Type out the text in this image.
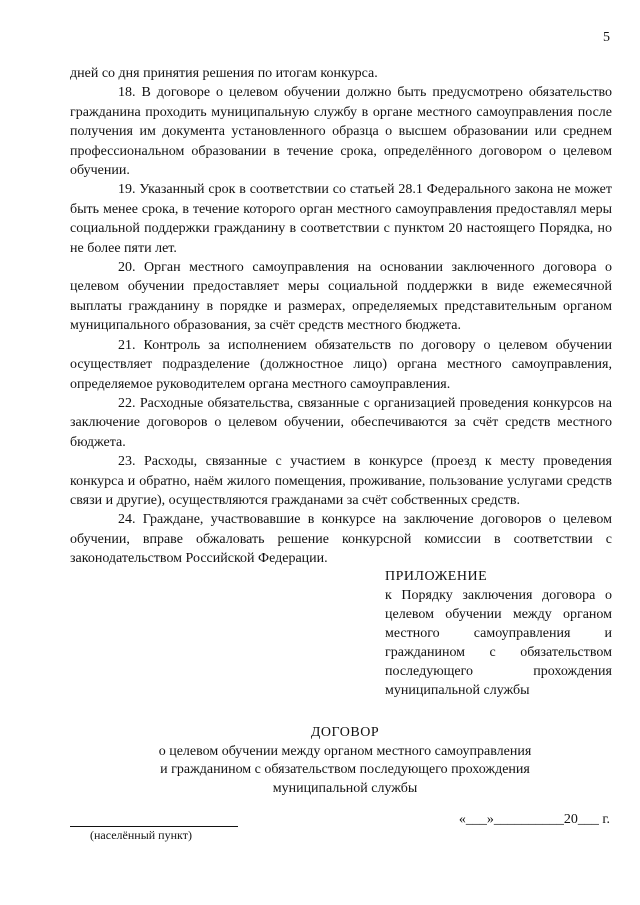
5

дней со дня принятия решения по итогам конкурса.

18. В договоре о целевом обучении должно быть предусмотрено обязательство гражданина проходить муниципальную службу в органе местного самоуправления после получения им документа установленного образца о высшем образовании или среднем профессиональном образовании в течение срока, определённого договором о целевом обучении.

19. Указанный срок в соответствии со статьей 28.1 Федерального закона не может быть менее срока, в течение которого орган местного самоуправления предоставлял меры социальной поддержки гражданину в соответствии с пунктом 20 настоящего Порядка, но не более пяти лет.

20. Орган местного самоуправления на основании заключенного договора о целевом обучении предоставляет меры социальной поддержки в виде ежемесячной выплаты гражданину в порядке и размерах, определяемых представительным органом муниципального образования, за счёт средств местного бюджета.

21. Контроль за исполнением обязательств по договору о целевом обучении осуществляет подразделение (должностное лицо) органа местного самоуправления, определяемое руководителем органа местного самоуправления.

22. Расходные обязательства, связанные с организацией проведения конкурсов на заключение договоров о целевом обучении, обеспечиваются за счёт средств местного бюджета.

23. Расходы, связанные с участием в конкурсе (проезд к месту проведения конкурса и обратно, наём жилого помещения, проживание, пользование услугами средств связи и другие), осуществляются гражданами за счёт собственных средств.

24. Граждане, участвовавшие в конкурсе на заключение договоров о целевом обучении, вправе обжаловать решение конкурсной комиссии в соответствии с законодательством Российской Федерации.

ПРИЛОЖЕНИЕ
к Порядку заключения договора о целевом обучении между органом местного самоуправления и гражданином с обязательством последующего прохождения муниципальной службы
ДОГОВОР
о целевом обучении между органом местного самоуправления
и гражданином с обязательством последующего прохождения
муниципальной службы
(населённый пункт)
«___»__________20___ г.
